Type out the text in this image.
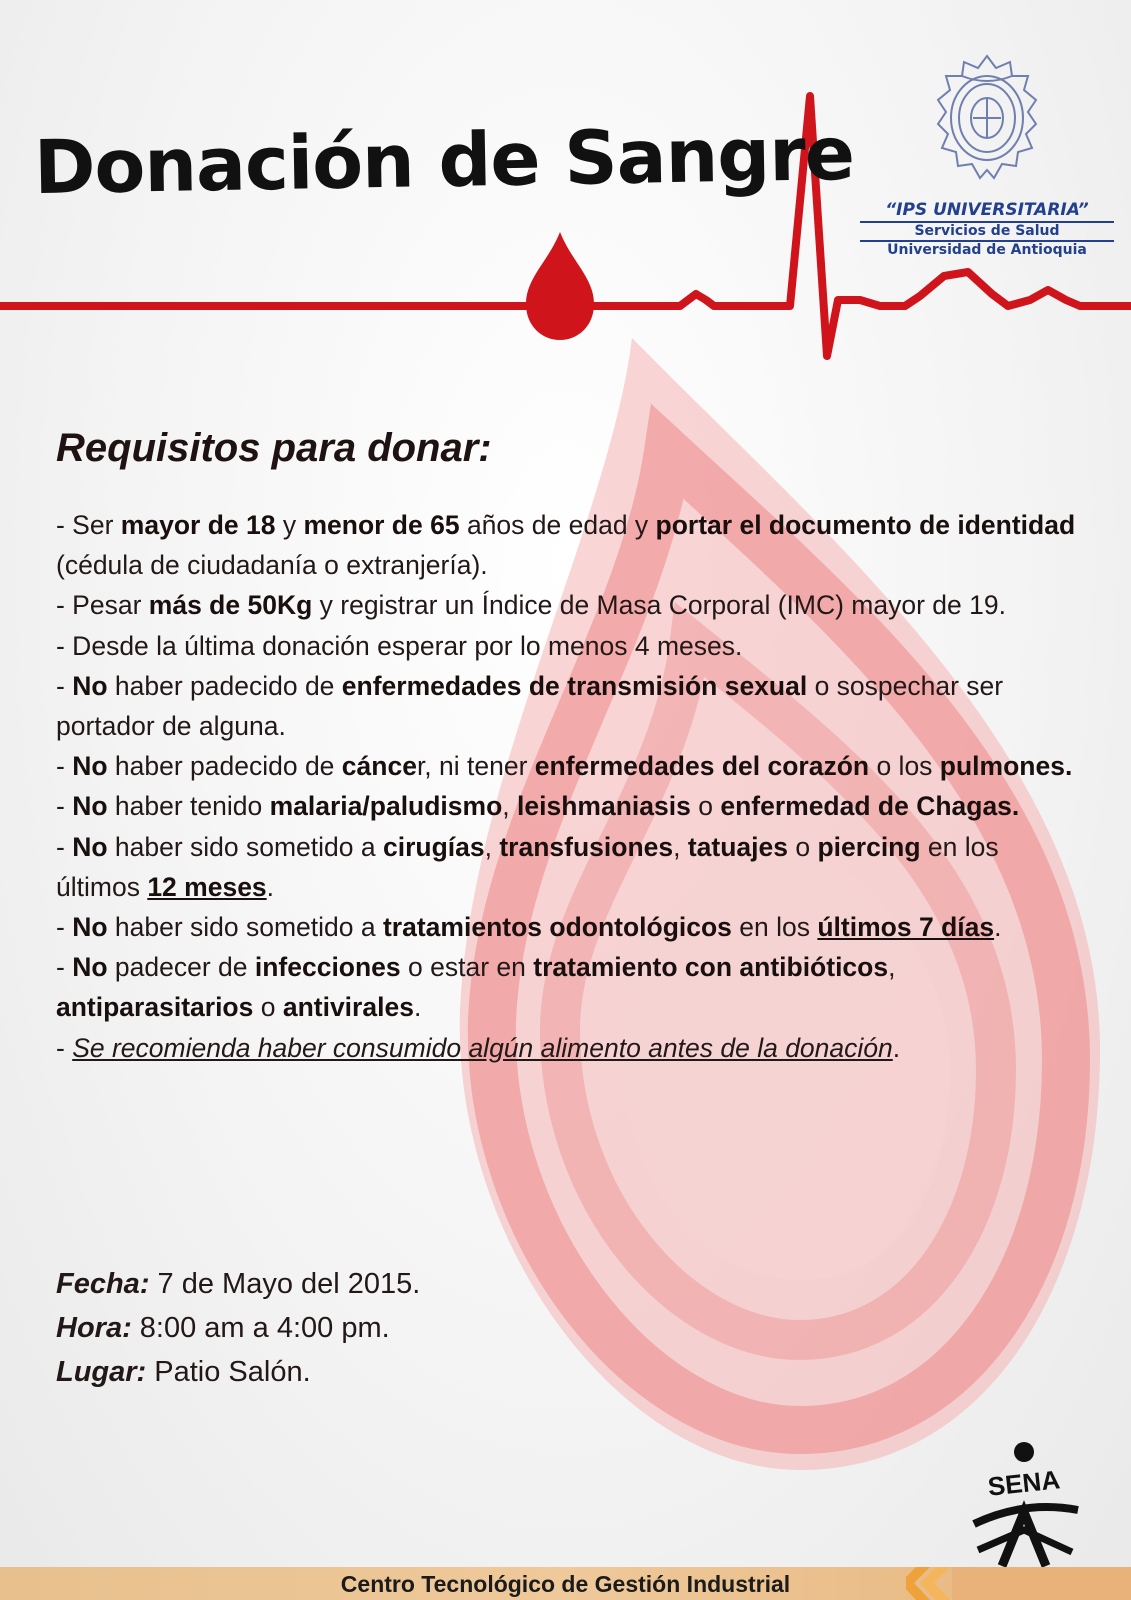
Donación de Sangre	“IPS UNIVERSITARIA”
Servicios de Salud
Universidad de Antioquia
Requisitos para donar:
- Ser mayor de 18 y menor de 65 años de edad y portar el documento de identidad (cédula de ciudadanía o extranjería).
- Pesar más de 50Kg y registrar un Índice de Masa Corporal (IMC) mayor de 19.
- Desde la última donación esperar por lo menos 4 meses.
- No haber padecido de enfermedades de transmisión sexual o sospechar ser portador de alguna.
- No haber padecido de cáncer, ni tener enfermedades del corazón o los pulmones.
- No haber tenido malaria/paludismo, leishmaniasis o enfermedad de Chagas.
- No haber sido sometido a cirugías, transfusiones, tatuajes o piercing en los últimos 12 meses.
- No haber sido sometido a tratamientos odontológicos en los últimos 7 días.
- No padecer de infecciones o estar en tratamiento con antibióticos, antiparasitarios o antivirales.
- Se recomienda haber consumido algún alimento antes de la donación.
Fecha: 7 de Mayo del 2015.
Hora: 8:00 am a 4:00 pm.
Lugar: Patio Salón.
SENA
Centro Tecnológico de Gestión Industrial
